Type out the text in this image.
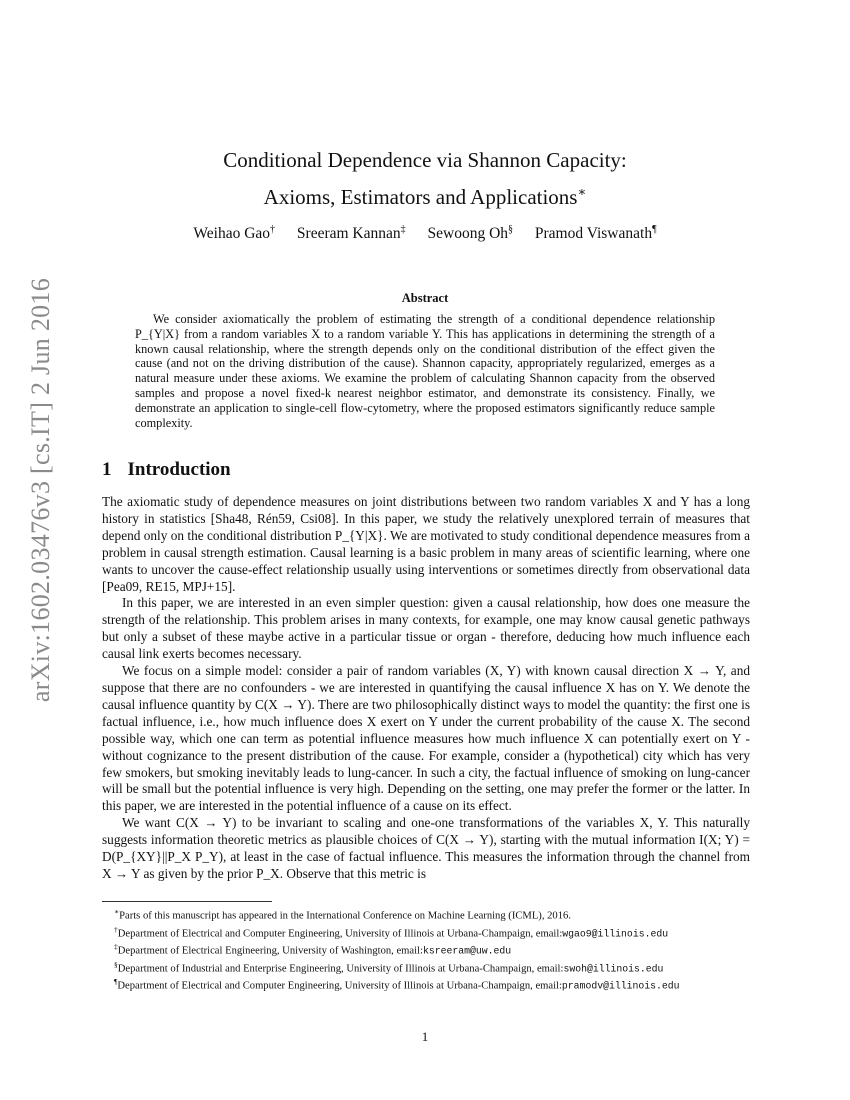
arXiv:1602.03476v3 [cs.IT] 2 Jun 2016
Conditional Dependence via Shannon Capacity:
Axioms, Estimators and Applications∗
Weihao Gao† Sreeram Kannan‡ Sewoong Oh§ Pramod Viswanath¶
Abstract

We consider axiomatically the problem of estimating the strength of a conditional dependence relationship P_{Y|X} from a random variables X to a random variable Y. This has applications in determining the strength of a known causal relationship, where the strength depends only on the conditional distribution of the effect given the cause (and not on the driving distribution of the cause). Shannon capacity, appropriately regularized, emerges as a natural measure under these axioms. We examine the problem of calculating Shannon capacity from the observed samples and propose a novel fixed-k nearest neighbor estimator, and demonstrate its consistency. Finally, we demonstrate an application to single-cell flow-cytometry, where the proposed estimators significantly reduce sample complexity.

1 Introduction

The axiomatic study of dependence measures on joint distributions between two random variables X and Y has a long history in statistics [Sha48, Rén59, Csi08]. In this paper, we study the relatively unexplored terrain of measures that depend only on the conditional distribution P_{Y|X}. We are motivated to study conditional dependence measures from a problem in causal strength estimation. Causal learning is a basic problem in many areas of scientific learning, where one wants to uncover the cause-effect relationship usually using interventions or sometimes directly from observational data [Pea09, RE15, MPJ+15].

In this paper, we are interested in an even simpler question: given a causal relationship, how does one measure the strength of the relationship. This problem arises in many contexts, for example, one may know causal genetic pathways but only a subset of these maybe active in a particular tissue or organ - therefore, deducing how much influence each causal link exerts becomes necessary.

We focus on a simple model: consider a pair of random variables (X, Y) with known causal direction X → Y, and suppose that there are no confounders - we are interested in quantifying the causal influence X has on Y. We denote the causal influence quantity by C(X → Y). There are two philosophically distinct ways to model the quantity: the first one is factual influence, i.e., how much influence does X exert on Y under the current probability of the cause X. The second possible way, which one can term as potential influence measures how much influence X can potentially exert on Y - without cognizance to the present distribution of the cause. For example, consider a (hypothetical) city which has very few smokers, but smoking inevitably leads to lung-cancer. In such a city, the factual influence of smoking on lung-cancer will be small but the potential influence is very high. Depending on the setting, one may prefer the former or the latter. In this paper, we are interested in the potential influence of a cause on its effect.

We want C(X → Y) to be invariant to scaling and one-one transformations of the variables X, Y. This naturally suggests information theoretic metrics as plausible choices of C(X → Y), starting with the mutual information I(X; Y) = D(P_{XY}||P_X P_Y), at least in the case of factual influence. This measures the information through the channel from X → Y as given by the prior P_X. Observe that this metric is

∗Parts of this manuscript has appeared in the International Conference on Machine Learning (ICML), 2016.

†Department of Electrical and Computer Engineering, University of Illinois at Urbana-Champaign, email:wgao9@illinois.edu

‡Department of Electrical Engineering, University of Washington, email:ksreeram@uw.edu

§Department of Industrial and Enterprise Engineering, University of Illinois at Urbana-Champaign, email:swoh@illinois.edu

¶Department of Electrical and Computer Engineering, University of Illinois at Urbana-Champaign, email:pramodv@illinois.edu

1
